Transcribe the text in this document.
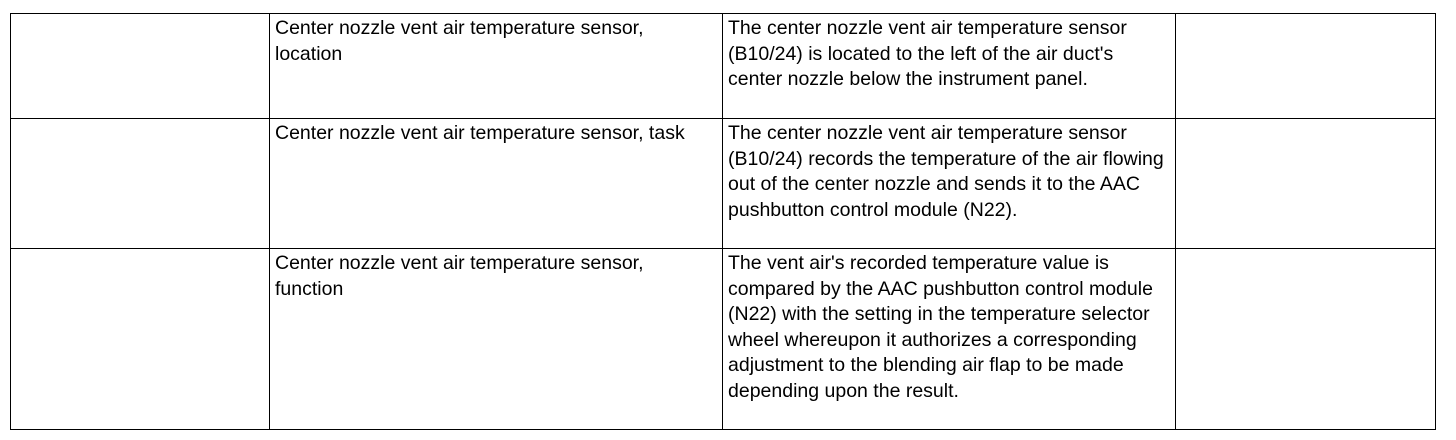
	Center nozzle vent air temperature sensor, location	The center nozzle vent air temperature sensor (B10/24) is located to the left of the air duct's center nozzle below the instrument panel.	
	Center nozzle vent air temperature sensor, task	The center nozzle vent air temperature sensor (B10/24) records the temperature of the air flowing out of the center nozzle and sends it to the AAC pushbutton control module (N22).	
	Center nozzle vent air temperature sensor, function	The vent air's recorded temperature value is compared by the AAC pushbutton control module (N22) with the setting in the temperature selector wheel whereupon it authorizes a corresponding adjustment to the blending air flap to be made depending upon the result.	
